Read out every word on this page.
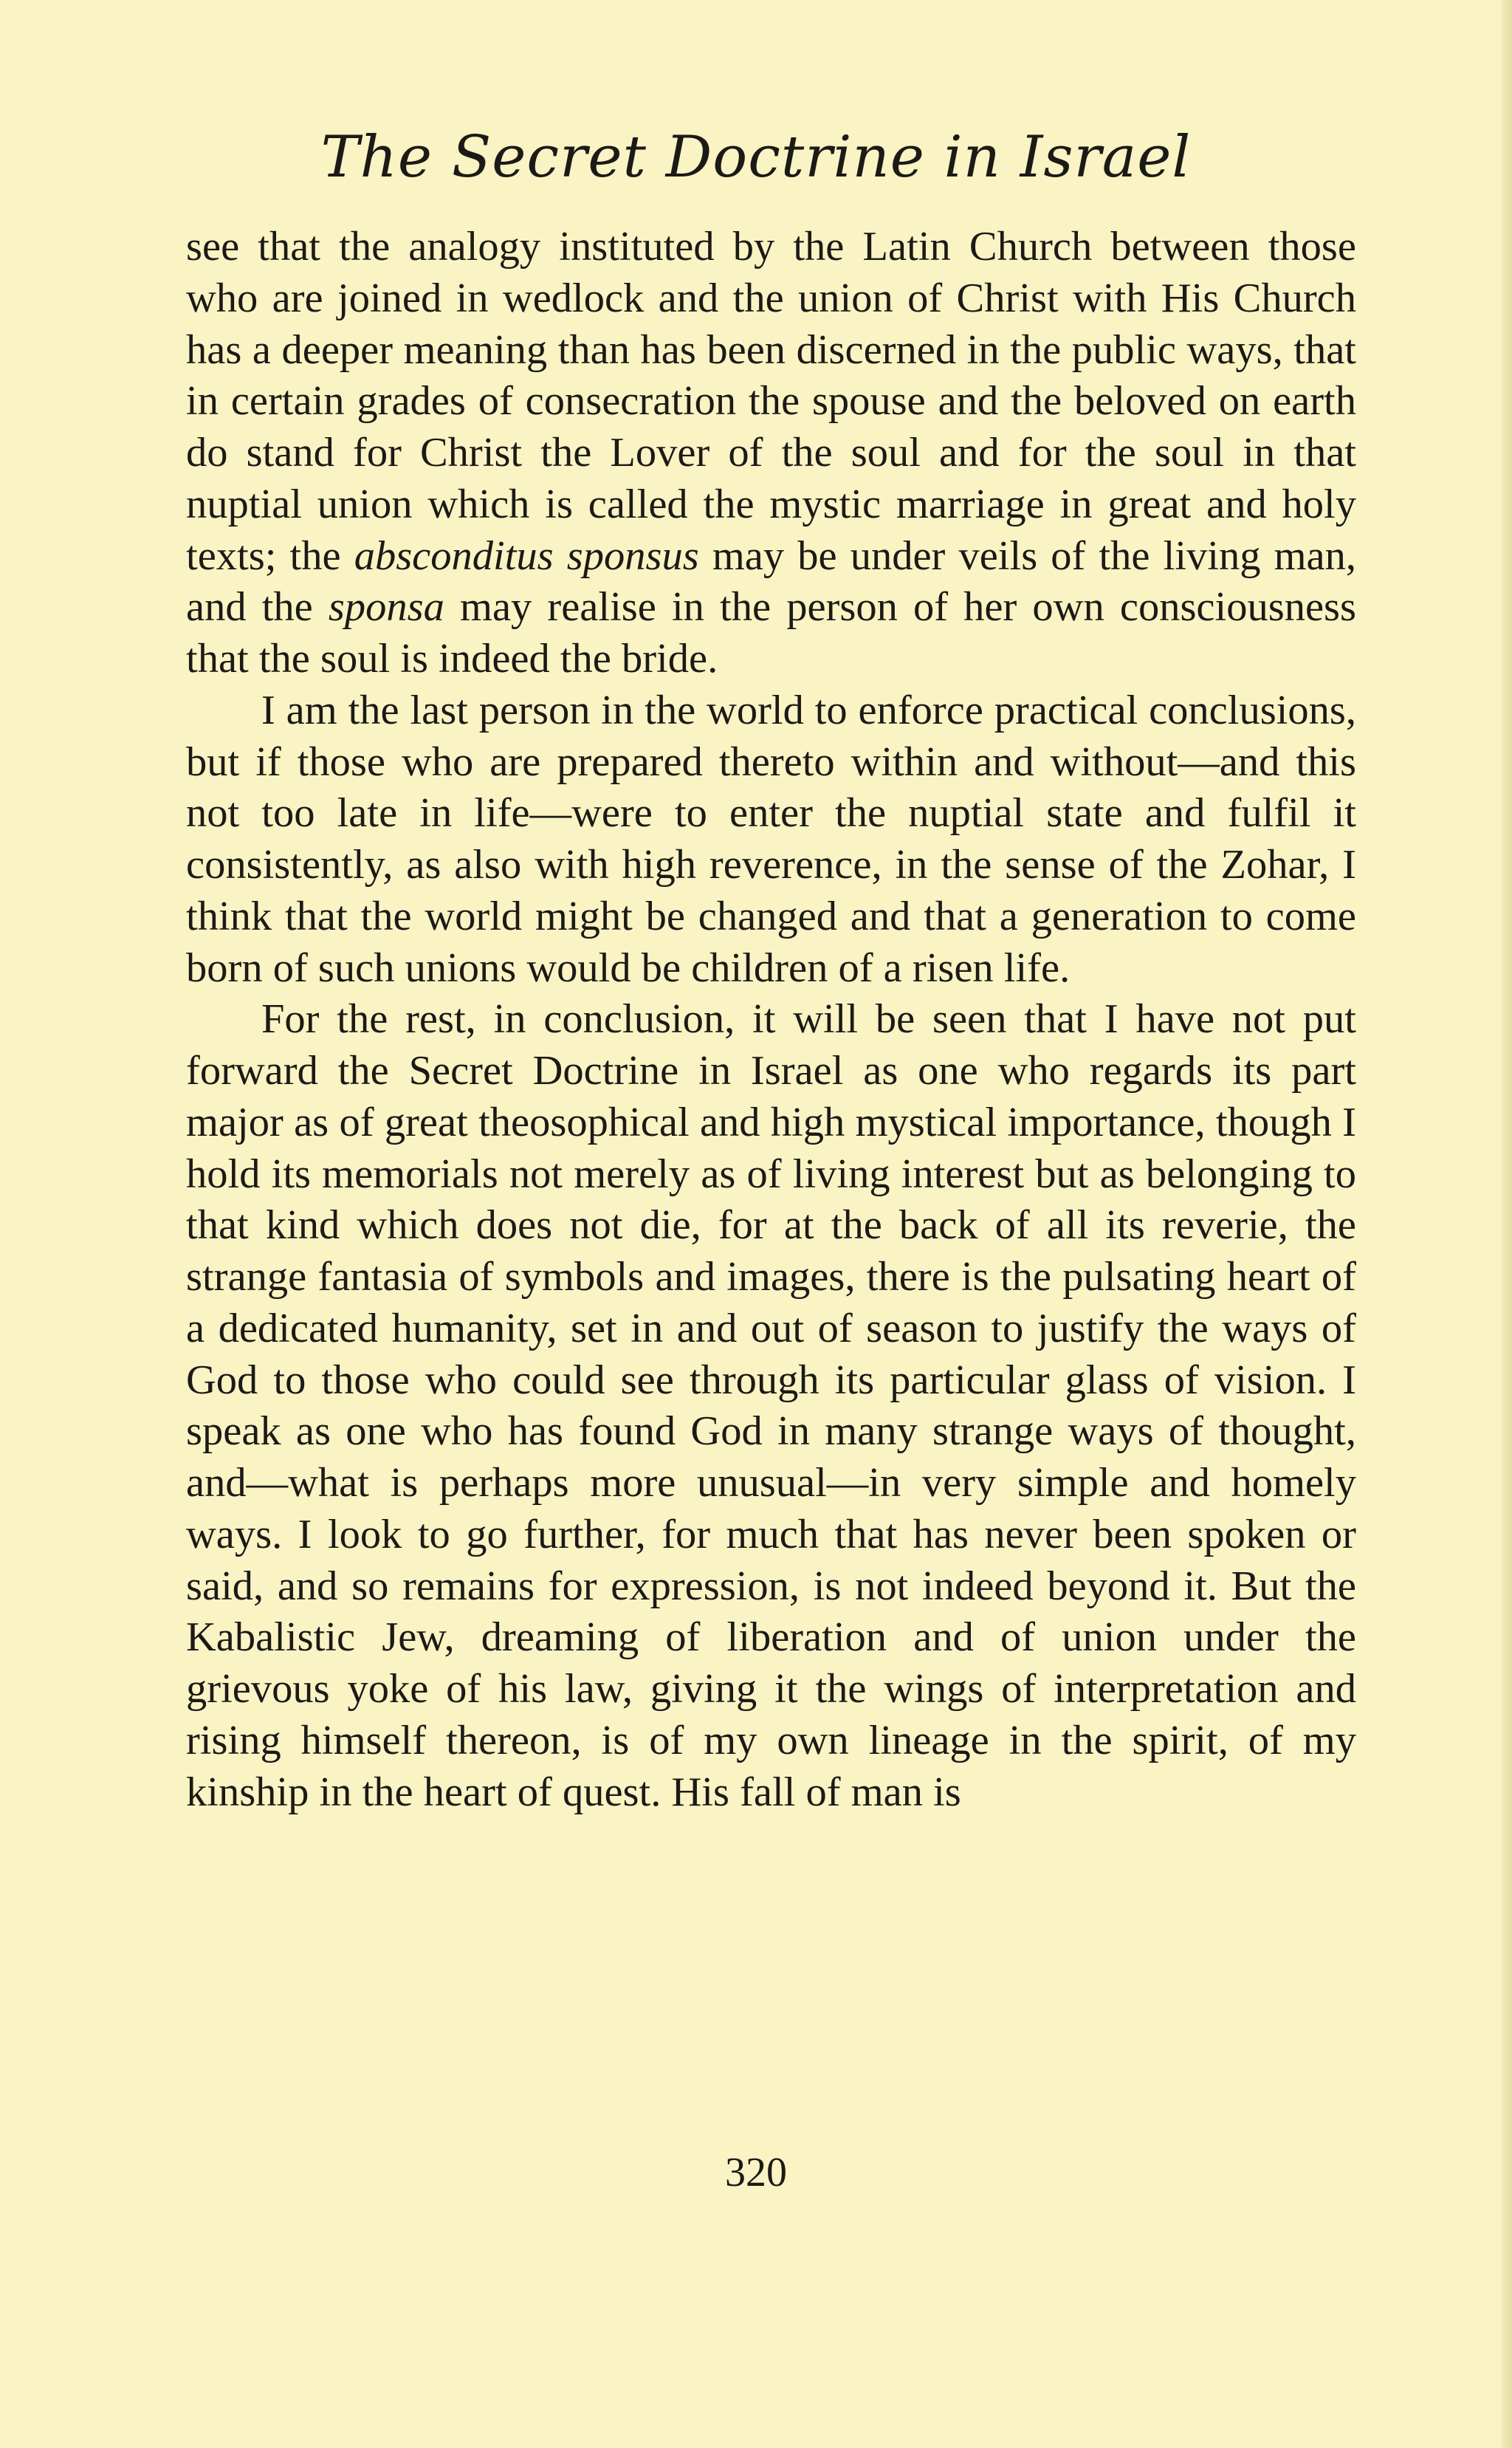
The Secret Doctrine in Israel

see that the analogy instituted by the Latin Church between those who are joined in wedlock and the union of Christ with His Church has a deeper meaning than has been discerned in the public ways, that in certain grades of consecration the spouse and the beloved on earth do stand for Christ the Lover of the soul and for the soul in that nuptial union which is called the mystic marriage in great and holy texts; the absconditus sponsus may be under veils of the living man, and the sponsa may realise in the person of her own consciousness that the soul is indeed the bride.

I am the last person in the world to enforce practical conclusions, but if those who are prepared thereto within and without—and this not too late in life—were to enter the nuptial state and fulfil it consistently, as also with high reverence, in the sense of the Zohar, I think that the world might be changed and that a generation to come born of such unions would be children of a risen life.

For the rest, in conclusion, it will be seen that I have not put forward the Secret Doctrine in Israel as one who regards its part major as of great theosophical and high mystical importance, though I hold its memorials not merely as of living interest but as belonging to that kind which does not die, for at the back of all its reverie, the strange fantasia of symbols and images, there is the pulsating heart of a dedicated humanity, set in and out of season to justify the ways of God to those who could see through its particular glass of vision. I speak as one who has found God in many strange ways of thought, and—what is perhaps more unusual—in very simple and homely ways. I look to go further, for much that has never been spoken or said, and so remains for expression, is not indeed beyond it. But the Kabalistic Jew, dreaming of liberation and of union under the grievous yoke of his law, giving it the wings of interpretation and rising himself thereon, is of my own lineage in the spirit, of my kinship in the heart of quest. His fall of man is

320
